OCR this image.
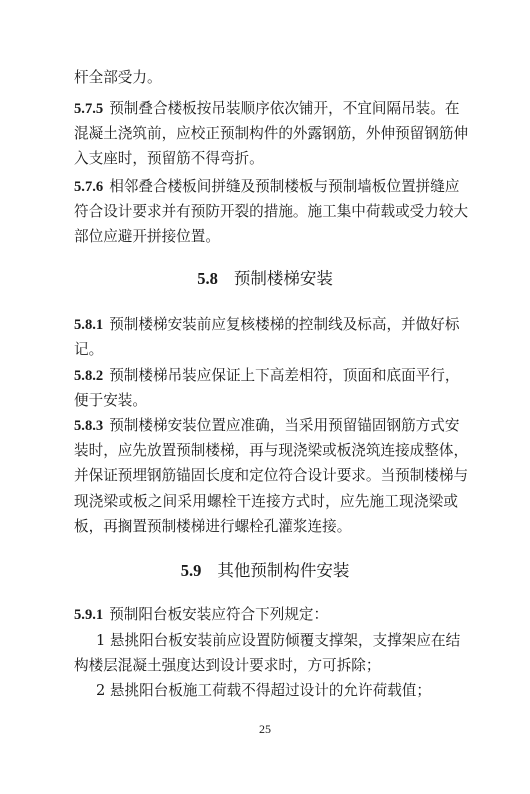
杆全部受力。
5.7.5 预制叠合楼板按吊装顺序依次铺开，不宜间隔吊装。在
混凝土浇筑前，应校正预制构件的外露钢筋，外伸预留钢筋伸
入支座时，预留筋不得弯折。
5.7.6 相邻叠合楼板间拼缝及预制楼板与预制墙板位置拼缝应
符合设计要求并有预防开裂的措施。施工集中荷载或受力较大
部位应避开拼接位置。
5.8 预制楼梯安装
5.8.1 预制楼梯安装前应复核楼梯的控制线及标高，并做好标
记。
5.8.2 预制楼梯吊装应保证上下高差相符，顶面和底面平行，
便于安装。
5.8.3 预制楼梯安装位置应准确，当采用预留锚固钢筋方式安
装时，应先放置预制楼梯，再与现浇梁或板浇筑连接成整体，
并保证预埋钢筋锚固长度和定位符合设计要求。当预制楼梯与
现浇梁或板之间采用螺栓干连接方式时，应先施工现浇梁或
板，再搁置预制楼梯进行螺栓孔灌浆连接。
5.9 其他预制构件安装
5.9.1 预制阳台板安装应符合下列规定：
1 悬挑阳台板安装前应设置防倾覆支撑架，支撑架应在结
构楼层混凝土强度达到设计要求时，方可拆除；
2 悬挑阳台板施工荷载不得超过设计的允许荷载值；
25
